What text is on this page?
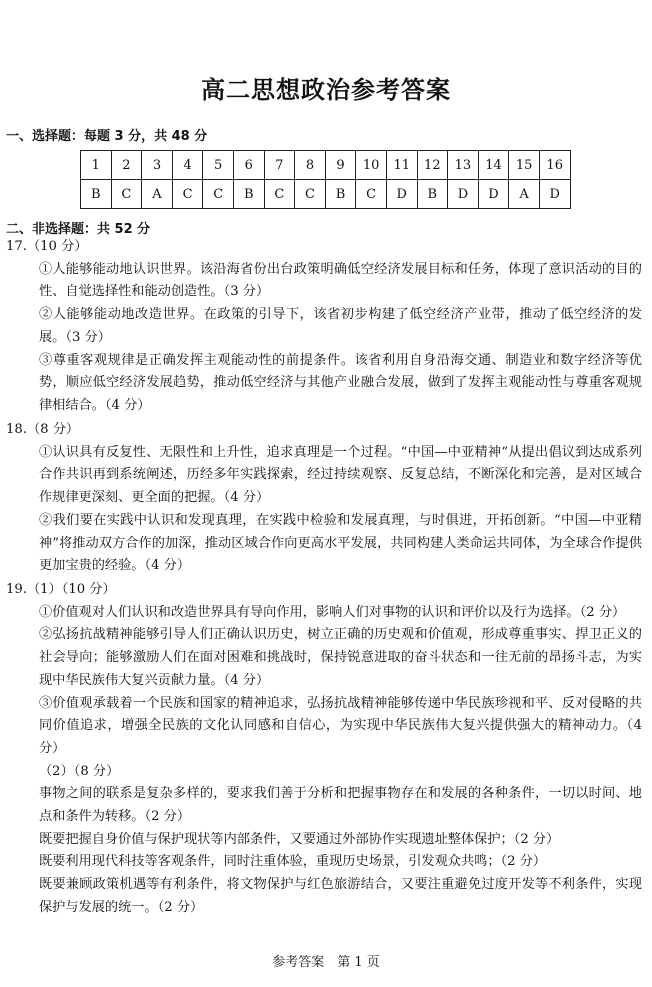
高二思想政治参考答案
一、选择题：每题 3 分，共 48 分
1	2	3	4	5	6	7	8	9	10	11	12	13	14	15	16
B	C	A	C	C	B	C	C	B	C	D	B	D	D	A	D
二、非选择题：共 52 分

17.（10 分）

①人能够能动地认识世界。该沿海省份出台政策明确低空经济发展目标和任务，体现了意识活动的目的性、自觉选择性和能动创造性。（3 分）

②人能够能动地改造世界。在政策的引导下，该省初步构建了低空经济产业带，推动了低空经济的发展。（3 分）

③尊重客观规律是正确发挥主观能动性的前提条件。该省利用自身沿海交通、制造业和数字经济等优势，顺应低空经济发展趋势，推动低空经济与其他产业融合发展，做到了发挥主观能动性与尊重客观规律相结合。（4 分）

18.（8 分）

①认识具有反复性、无限性和上升性，追求真理是一个过程。“中国—中亚精神”从提出倡议到达成系列合作共识再到系统阐述，历经多年实践探索，经过持续观察、反复总结，不断深化和完善，是对区域合作规律更深刻、更全面的把握。（4 分）

②我们要在实践中认识和发现真理，在实践中检验和发展真理，与时俱进，开拓创新。“中国—中亚精神”将推动双方合作的加深，推动区域合作向更高水平发展，共同构建人类命运共同体，为全球合作提供更加宝贵的经验。（4 分）

19.（1）（10 分）

①价值观对人们认识和改造世界具有导向作用，影响人们对事物的认识和评价以及行为选择。（2 分）

②弘扬抗战精神能够引导人们正确认识历史，树立正确的历史观和价值观，形成尊重事实、捍卫正义的社会导向；能够激励人们在面对困难和挑战时，保持锐意进取的奋斗状态和一往无前的昂扬斗志，为实现中华民族伟大复兴贡献力量。（4 分）

③价值观承载着一个民族和国家的精神追求，弘扬抗战精神能够传递中华民族珍视和平、反对侵略的共同价值追求，增强全民族的文化认同感和自信心，为实现中华民族伟大复兴提供强大的精神动力。（4 分）

（2）（8 分）

事物之间的联系是复杂多样的，要求我们善于分析和把握事物存在和发展的各种条件，一切以时间、地点和条件为转移。（2 分）

既要把握自身价值与保护现状等内部条件，又要通过外部协作实现遗址整体保护；（2 分）

既要利用现代科技等客观条件，同时注重体验，重现历史场景，引发观众共鸣；（2 分）

既要兼顾政策机遇等有利条件，将文物保护与红色旅游结合，又要注重避免过度开发等不利条件，实现保护与发展的统一。（2 分）

参考答案　第 1 页
